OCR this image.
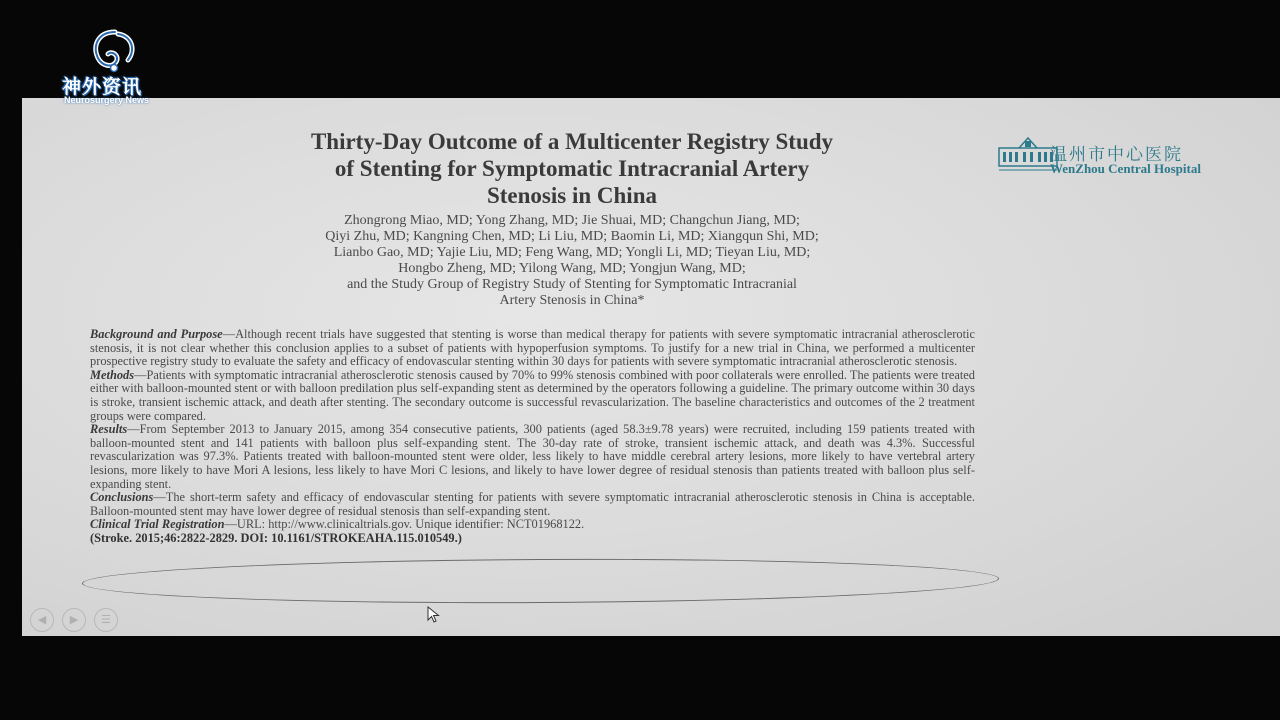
Thirty-Day Outcome of a Multicenter Registry Study
of Stenting for Symptomatic Intracranial Artery
Stenosis in China
Zhongrong Miao, MD; Yong Zhang, MD; Jie Shuai, MD; Changchun Jiang, MD;
Qiyi Zhu, MD; Kangning Chen, MD; Li Liu, MD; Baomin Li, MD; Xiangqun Shi, MD;
Lianbo Gao, MD; Yajie Liu, MD; Feng Wang, MD; Yongli Li, MD; Tieyan Liu, MD;
Hongbo Zheng, MD; Yilong Wang, MD; Yongjun Wang, MD;
and the Study Group of Registry Study of Stenting for Symptomatic Intracranial
Artery Stenosis in China*

Background and Purpose—Although recent trials have suggested that stenting is worse than medical therapy for patients with severe symptomatic intracranial atherosclerotic stenosis, it is not clear whether this conclusion applies to a subset of patients with hypoperfusion symptoms. To justify for a new trial in China, we performed a multicenter prospective registry study to evaluate the safety and efficacy of endovascular stenting within 30 days for patients with severe symptomatic intracranial atherosclerotic stenosis.

Methods—Patients with symptomatic intracranial atherosclerotic stenosis caused by 70% to 99% stenosis combined with poor collaterals were enrolled. The patients were treated either with balloon-mounted stent or with balloon predilation plus self-expanding stent as determined by the operators following a guideline. The primary outcome within 30 days is stroke, transient ischemic attack, and death after stenting. The secondary outcome is successful revascularization. The baseline characteristics and outcomes of the 2 treatment groups were compared.

Results—From September 2013 to January 2015, among 354 consecutive patients, 300 patients (aged 58.3±9.78 years) were recruited, including 159 patients treated with balloon-mounted stent and 141 patients with balloon plus self-expanding stent. The 30-day rate of stroke, transient ischemic attack, and death was 4.3%. Successful revascularization was 97.3%. Patients treated with balloon-mounted stent were older, less likely to have middle cerebral artery lesions, more likely to have vertebral artery lesions, more likely to have Mori A lesions, less likely to have Mori C lesions, and likely to have lower degree of residual stenosis than patients treated with balloon plus self-expanding stent.

Conclusions—The short-term safety and efficacy of endovascular stenting for patients with severe symptomatic intracranial atherosclerotic stenosis in China is acceptable. Balloon-mounted stent may have lower degree of residual stenosis than self-expanding stent.

Clinical Trial Registration—URL: http://www.clinicaltrials.gov. Unique identifier: NCT01968122.

(Stroke. 2015;46:2822-2829. DOI: 10.1161/STROKEAHA.115.010549.)

◀	▶	☰
温州市中心医院
WenZhou Central Hospital
神外资讯
Neurosurgery News
